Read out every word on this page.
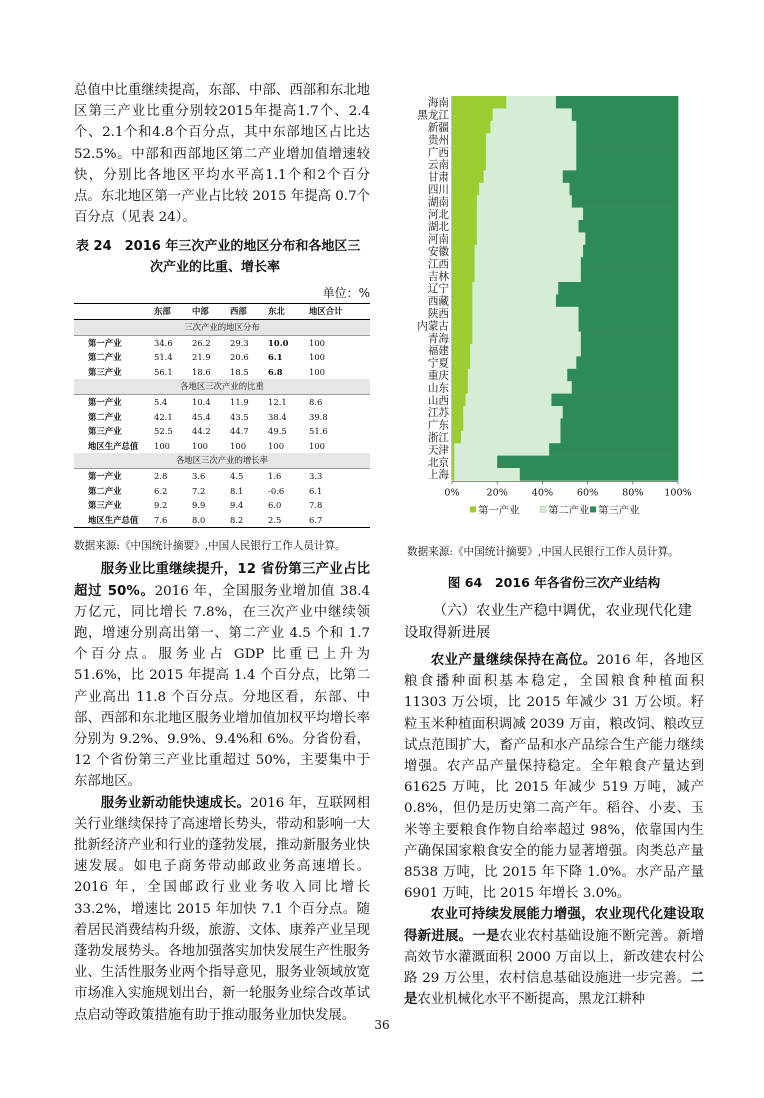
总值中比重继续提高，东部、中部、西部和东北地区第三产业比重分别较2015年提高1.7个、2.4个、2.1个和4.8个百分点，其中东部地区占比达 52.5%。中部和西部地区第二产业增加值增速较快，分别比各地区平均水平高1.1个和2个百分点。东北地区第一产业占比较 2015 年提高 0.7个百分点（见表 24）。

表 24　2016 年三次产业的地区分布和各地区三
次产业的比重、增长率
单位：%
	东部	中部	西部	东北	地区合计
三次产业的地区分布					
第一产业	34.6	26.2	29.3	10.0	100
第二产业	51.4	21.9	20.6	6.1	100
第三产业	56.1	18.6	18.5	6.8	100
各地区三次产业的比重					
第一产业	5.4	10.4	11.9	12.1	8.6
第二产业	42.1	45.4	43.5	38.4	39.8
第三产业	52.5	44.2	44.7	49.5	51.6
地区生产总值	100	100	100	100	100
各地区三次产业的增长率					
第一产业	2.8	3.6	4.5	1.6	3.3
第二产业	6.2	7.2	8.1	-0.6	6.1
第三产业	9.2	9.9	9.4	6.0	7.8
地区生产总值	7.6	8.0	8.2	2.5	6.7
数据来源:《中国统计摘要》,中国人民银行工作人员计算。

服务业比重继续提升，12 省份第三产业占比超过 50%。2016 年，全国服务业增加值 38.4 万亿元，同比增长 7.8%，在三次产业中继续领跑，增速分别高出第一、第二产业 4.5 个和 1.7 个百分点。服务业占 GDP 比重已上升为 51.6%，比 2015 年提高 1.4 个百分点，比第二产业高出 11.8 个百分点。分地区看，东部、中部、西部和东北地区服务业增加值加权平均增长率分别为 9.2%、9.9%、9.4%和 6%。分省份看，12 个省份第三产业比重超过 50%，主要集中于东部地区。

服务业新动能快速成长。2016 年，互联网相关行业继续保持了高速增长势头，带动和影响一大批新经济产业和行业的蓬勃发展，推动新服务业快速发展。如电子商务带动邮政业务高速增长。2016 年，全国邮政行业业务收入同比增长 33.2%，增速比 2015 年加快 7.1 个百分点。随着居民消费结构升级，旅游、文体、康养产业呈现蓬勃发展势头。各地加强落实加快发展生产性服务业、生活性服务业两个指导意见，服务业领域放宽市场准入实施规划出台，新一轮服务业综合改革试点启动等政策措施有助于推动服务业加快发展。

海南
黑龙江
新疆
贵州
广西
云南
甘肃
四川
湖南
河北
湖北
河南
安徽
江西
吉林
辽宁
西藏
陕西
内蒙古
青海
福建
宁夏
重庆
山东
山西
江苏
广东
浙江
天津
北京
上海
0%	20% 40% 60% 80% 100%
第一产业	第二产业 第三产业
数据来源:《中国统计摘要》,中国人民银行工作人员计算。
图 64　2016 年各省份三次产业结构
（六）农业生产稳中调优，农业现代化建设取得新进展

农业产量继续保持在高位。2016 年，各地区粮食播种面积基本稳定，全国粮食种植面积 11303 万公顷，比 2015 年减少 31 万公顷。籽粒玉米种植面积调减 2039 万亩，粮改饲、粮改豆试点范围扩大，畜产品和水产品综合生产能力继续增强。农产品产量保持稳定。全年粮食产量达到 61625 万吨，比 2015 年减少 519 万吨，减产 0.8%，但仍是历史第二高产年。稻谷、小麦、玉米等主要粮食作物自给率超过 98%，依靠国内生产确保国家粮食安全的能力显著增强。肉类总产量 8538 万吨，比 2015 年下降 1.0%。水产品产量 6901 万吨，比 2015 年增长 3.0%。

农业可持续发展能力增强，农业现代化建设取得新进展。一是农业农村基础设施不断完善。新增高效节水灌溉面积 2000 万亩以上，新改建农村公路 29 万公里，农村信息基础设施进一步完善。二是农业机械化水平不断提高，黑龙江耕种

36
